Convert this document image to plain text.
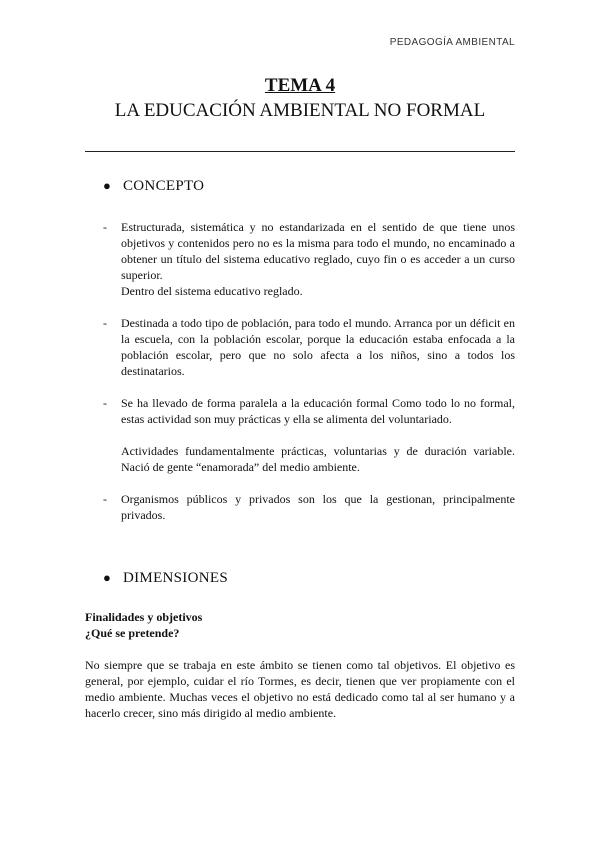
PEDAGOGÍA AMBIENTAL
TEMA 4
LA EDUCACIÓN AMBIENTAL NO FORMAL
● CONCEPTO
- Estructurada, sistemática y no estandarizada en el sentido de que tiene unos objetivos y contenidos pero no es la misma para todo el mundo, no encaminado a obtener un título del sistema educativo reglado, cuyo fin o es acceder a un curso superior.

Dentro del sistema educativo reglado.

- Destinada a todo tipo de población, para todo el mundo. Arranca por un déficit en la escuela, con la población escolar, porque la educación estaba enfocada a la población escolar, pero que no solo afecta a los niños, sino a todos los destinatarios.

- Se ha llevado de forma paralela a la educación formal Como todo lo no formal, estas actividad son muy prácticas y ella se alimenta del voluntariado.

Actividades fundamentalmente prácticas, voluntarias y de duración variable. Nació de gente “enamorada” del medio ambiente.

- Organismos públicos y privados son los que la gestionan, principalmente privados.

● DIMENSIONES
Finalidades y objetivos
¿Qué se pretende?
No siempre que se trabaja en este ámbito se tienen como tal objetivos. El objetivo es general, por ejemplo, cuidar el río Tormes, es decir, tienen que ver propiamente con el medio ambiente. Muchas veces el objetivo no está dedicado como tal al ser humano y a hacerlo crecer, sino más dirigido al medio ambiente.
